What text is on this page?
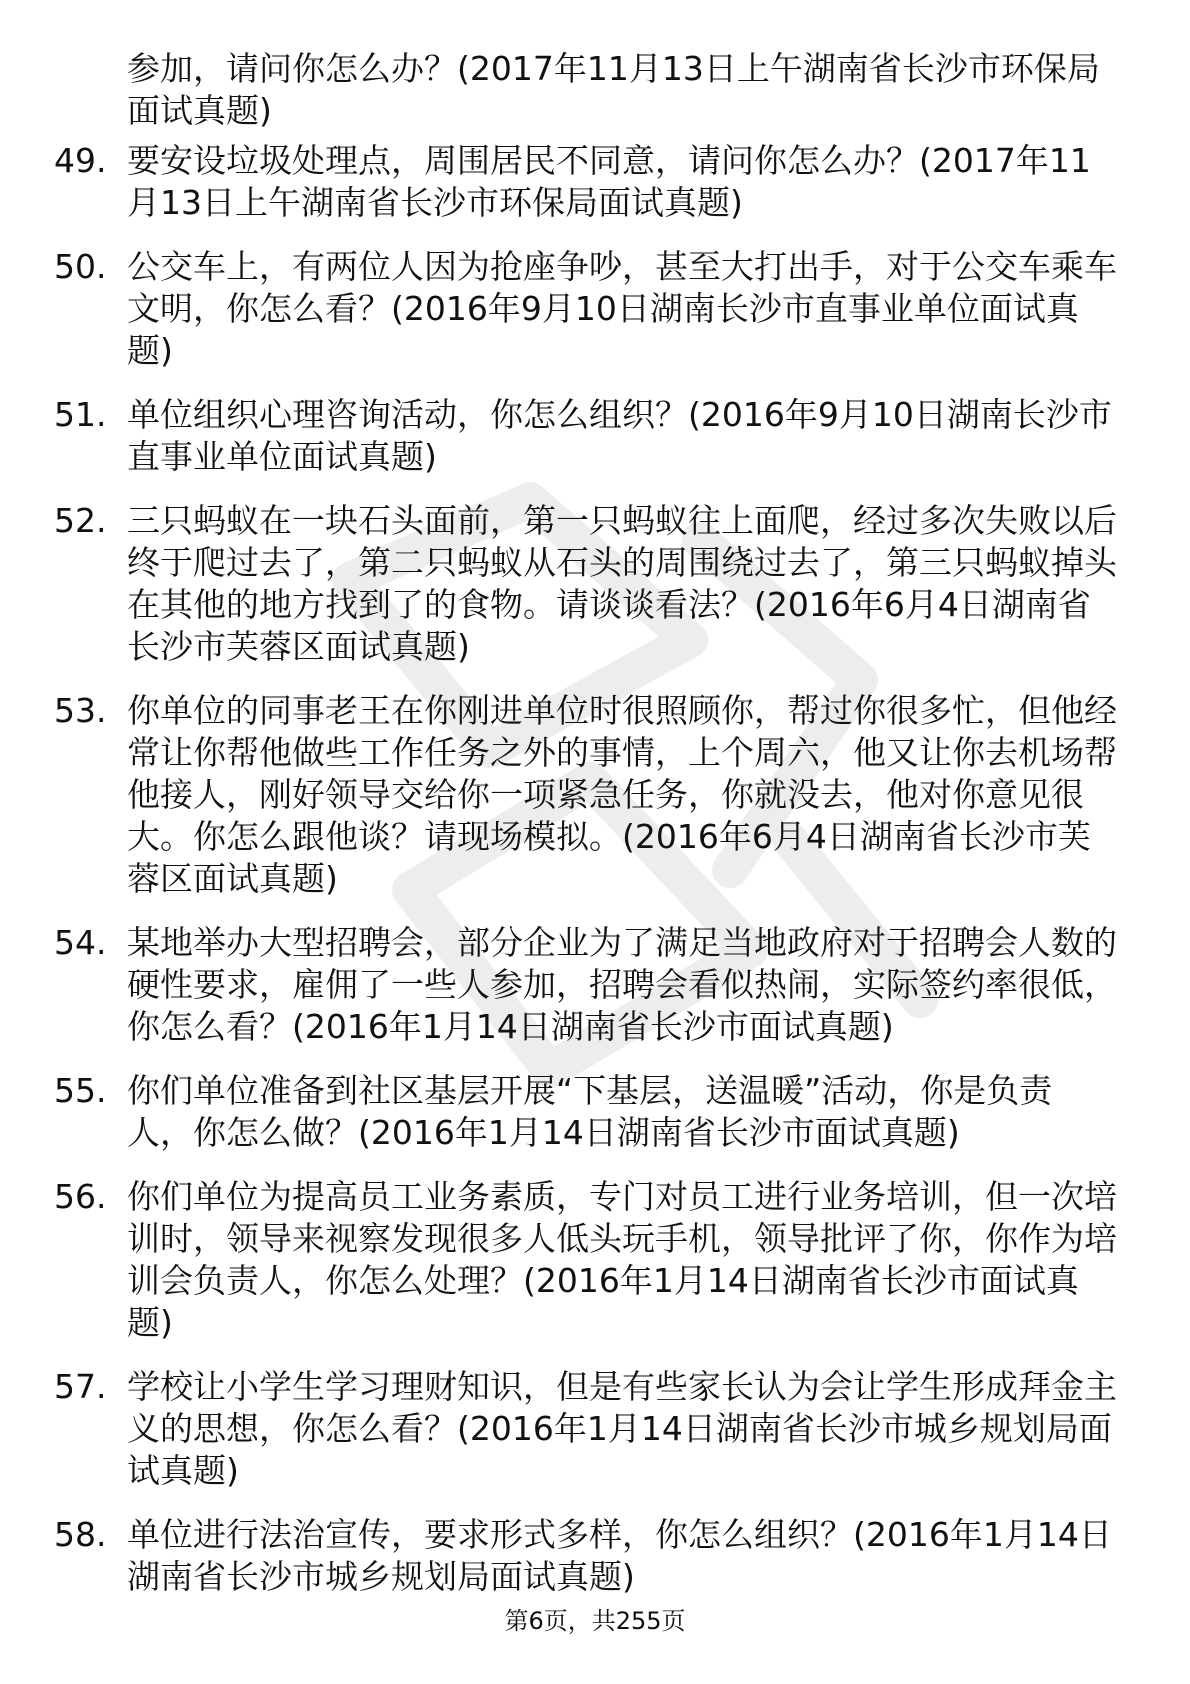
参加，请问你怎么办？(2017年11月13日上午湖南省长沙市环保局面试真题)
49. 要安设垃圾处理点，周围居民不同意，请问你怎么办？(2017年11月13日上午湖南省长沙市环保局面试真题)
50. 公交车上，有两位人因为抢座争吵，甚至大打出手，对于公交车乘车文明，你怎么看？(2016年9月10日湖南长沙市直事业单位面试真题)
51. 单位组织心理咨询活动，你怎么组织？(2016年9月10日湖南长沙市直事业单位面试真题)
52. 三只蚂蚁在一块石头面前，第一只蚂蚁往上面爬，经过多次失败以后终于爬过去了，第二只蚂蚁从石头的周围绕过去了，第三只蚂蚁掉头在其他的地方找到了的食物。请谈谈看法？(2016年6月4日湖南省长沙市芙蓉区面试真题)
53. 你单位的同事老王在你刚进单位时很照顾你，帮过你很多忙，但他经常让你帮他做些工作任务之外的事情，上个周六，他又让你去机场帮他接人，刚好领导交给你一项紧急任务，你就没去，他对你意见很大。你怎么跟他谈？请现场模拟。(2016年6月4日湖南省长沙市芙蓉区面试真题)
54. 某地举办大型招聘会，部分企业为了满足当地政府对于招聘会人数的硬性要求，雇佣了一些人参加，招聘会看似热闹，实际签约率很低，你怎么看？(2016年1月14日湖南省长沙市面试真题)
55. 你们单位准备到社区基层开展“下基层，送温暖”活动，你是负责人，你怎么做？(2016年1月14日湖南省长沙市面试真题)
56. 你们单位为提高员工业务素质，专门对员工进行业务培训，但一次培训时，领导来视察发现很多人低头玩手机，领导批评了你，你作为培训会负责人，你怎么处理？(2016年1月14日湖南省长沙市面试真题)
57. 学校让小学生学习理财知识，但是有些家长认为会让学生形成拜金主义的思想，你怎么看？(2016年1月14日湖南省长沙市城乡规划局面试真题)
58. 单位进行法治宣传，要求形式多样，你怎么组织？(2016年1月14日湖南省长沙市城乡规划局面试真题)
第6页，共255页
